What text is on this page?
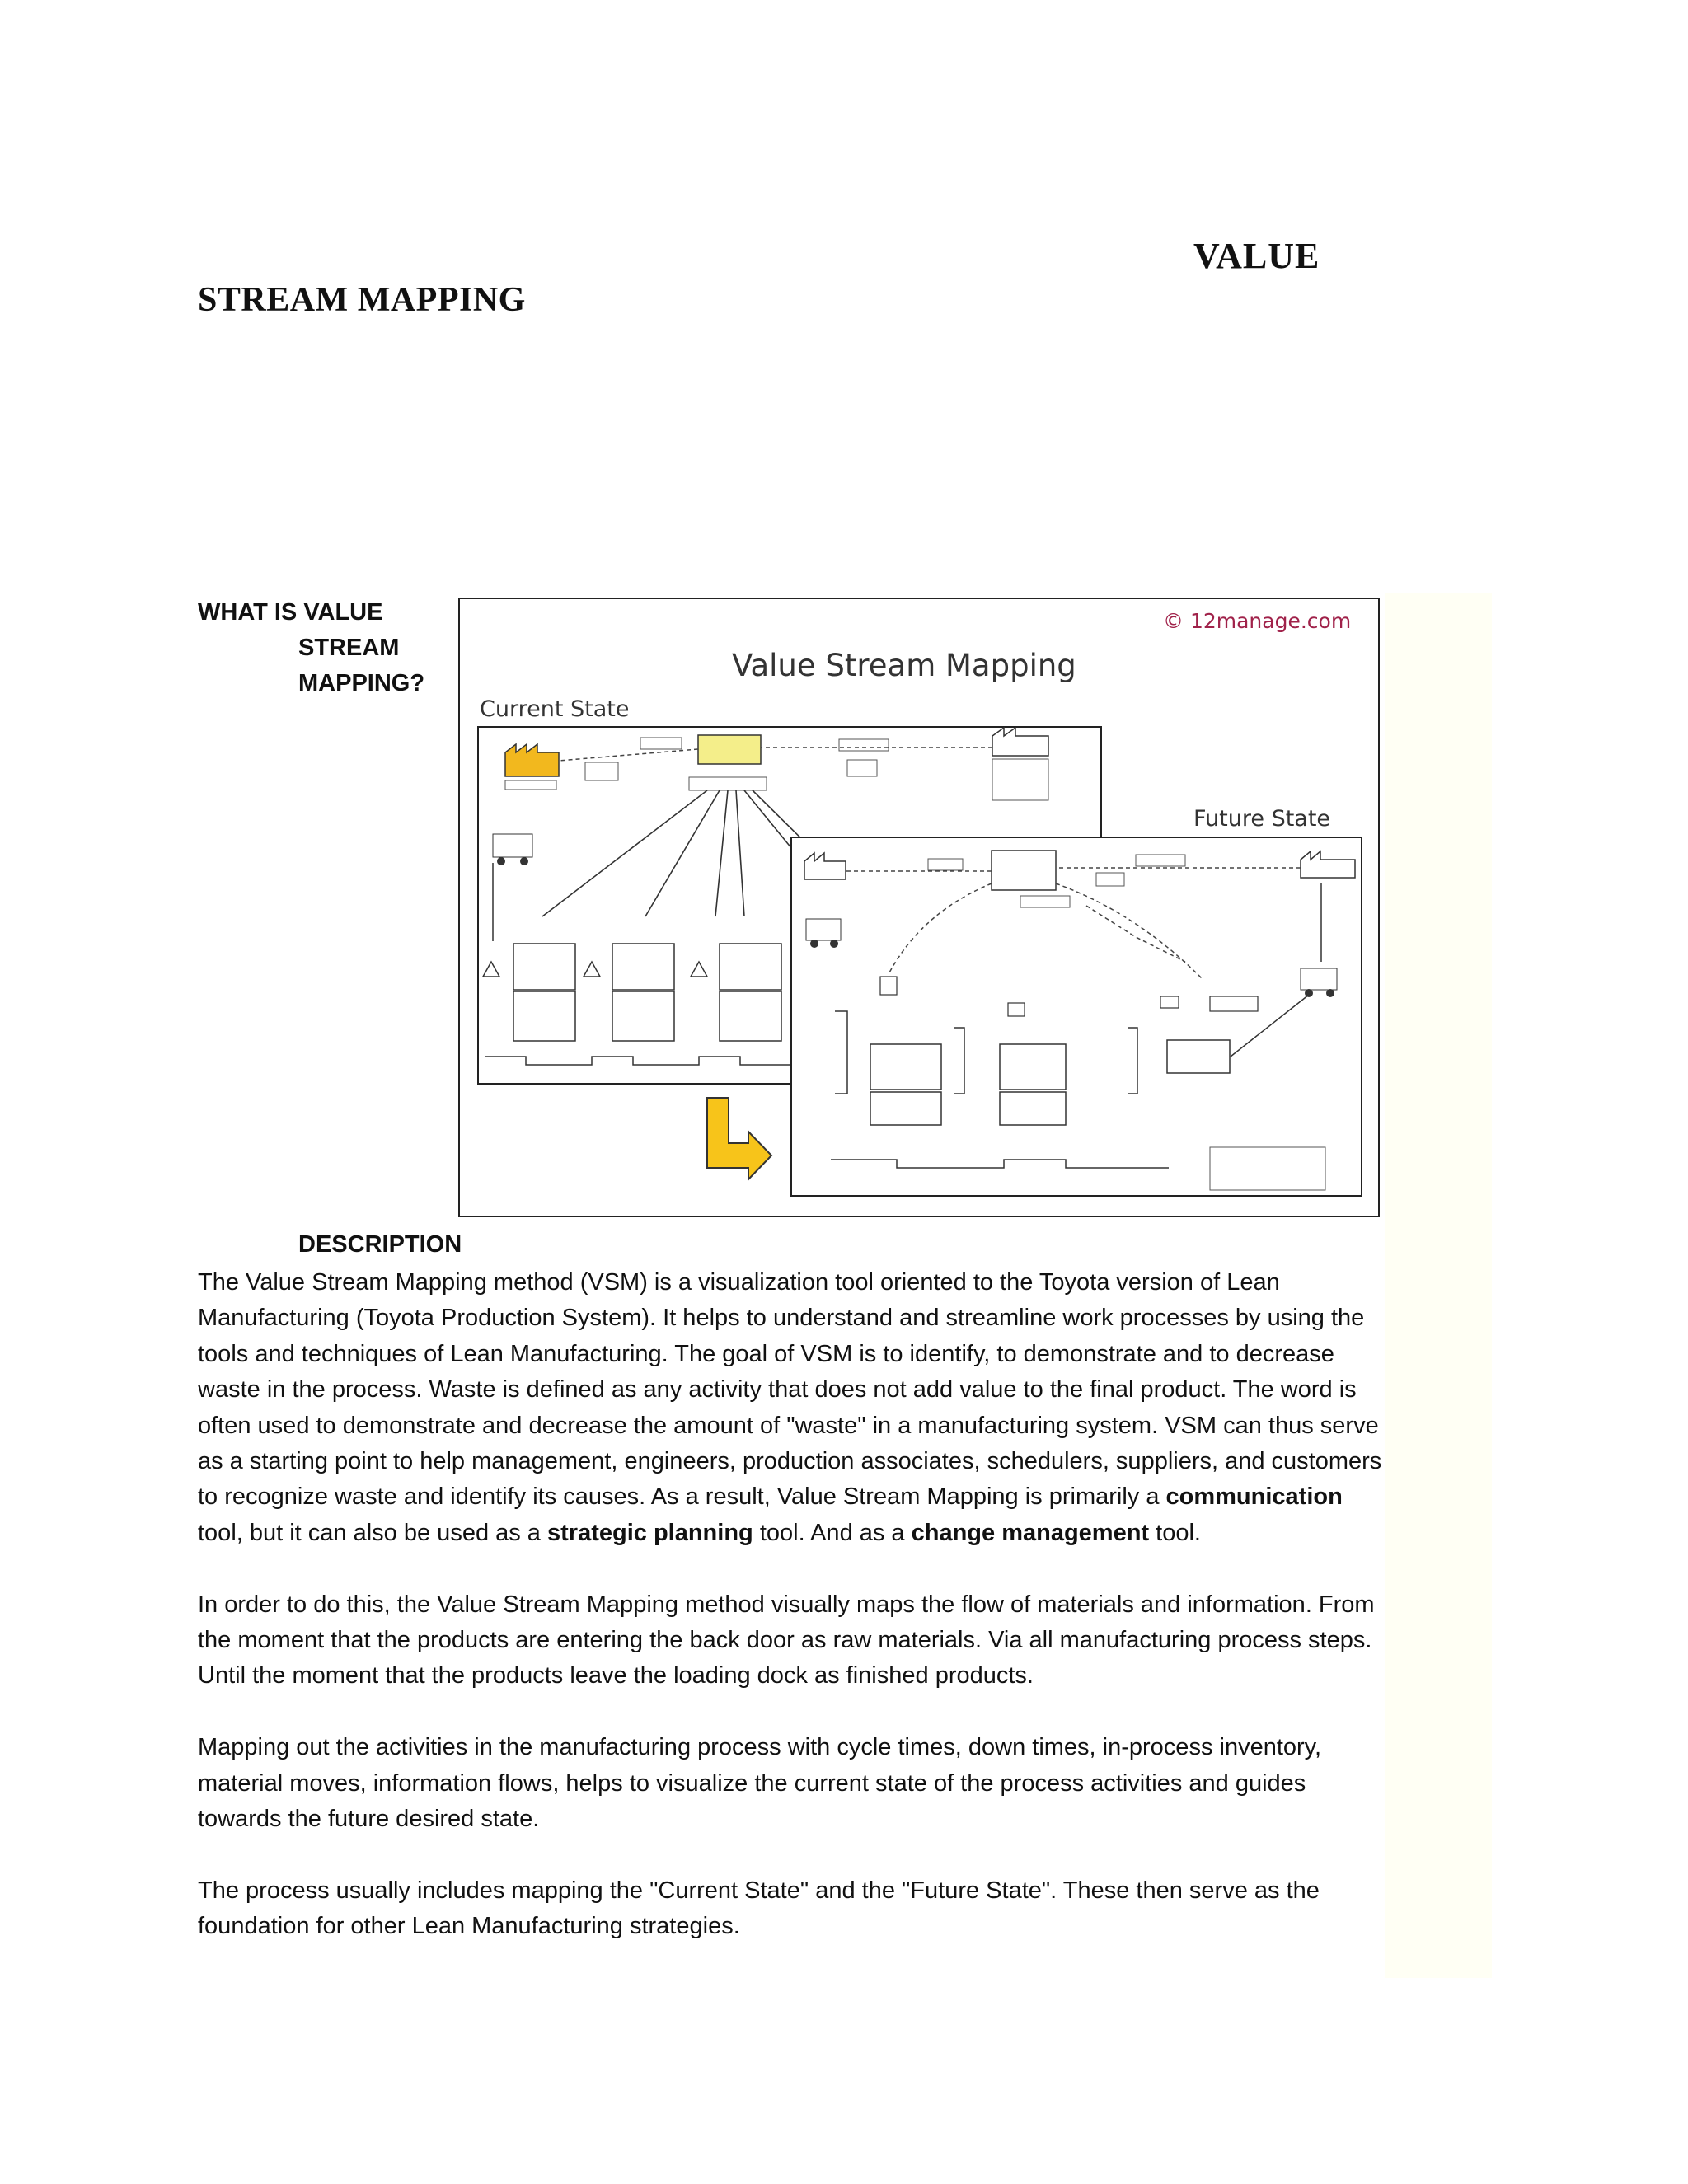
VALUE
STREAM MAPPING
WHAT IS VALUE
STREAM
MAPPING?
© 12manage.com
Value Stream Mapping
Current State
Future State
DESCRIPTION

The Value Stream Mapping method (VSM) is a visualization tool oriented to the Toyota version of Lean Manufacturing (Toyota Production System). It helps to understand and streamline work processes by using the tools and techniques of Lean Manufacturing. The goal of VSM is to identify, to demonstrate and to decrease waste in the process. Waste is defined as any activity that does not add value to the final product. The word is often used to demonstrate and decrease the amount of "waste" in a manufacturing system. VSM can thus serve as a starting point to help management, engineers, production associates, schedulers, suppliers, and customers to recognize waste and identify its causes. As a result, Value Stream Mapping is primarily a communication tool, but it can also be used as a strategic planning tool. And as a change management tool.

In order to do this, the Value Stream Mapping method visually maps the flow of materials and information. From the moment that the products are entering the back door as raw materials. Via all manufacturing process steps. Until the moment that the products leave the loading dock as finished products.

Mapping out the activities in the manufacturing process with cycle times, down times, in-process inventory, material moves, information flows, helps to visualize the current state of the process activities and guides towards the future desired state.

The process usually includes mapping the "Current State" and the "Future State". These then serve as the foundation for other Lean Manufacturing strategies.
